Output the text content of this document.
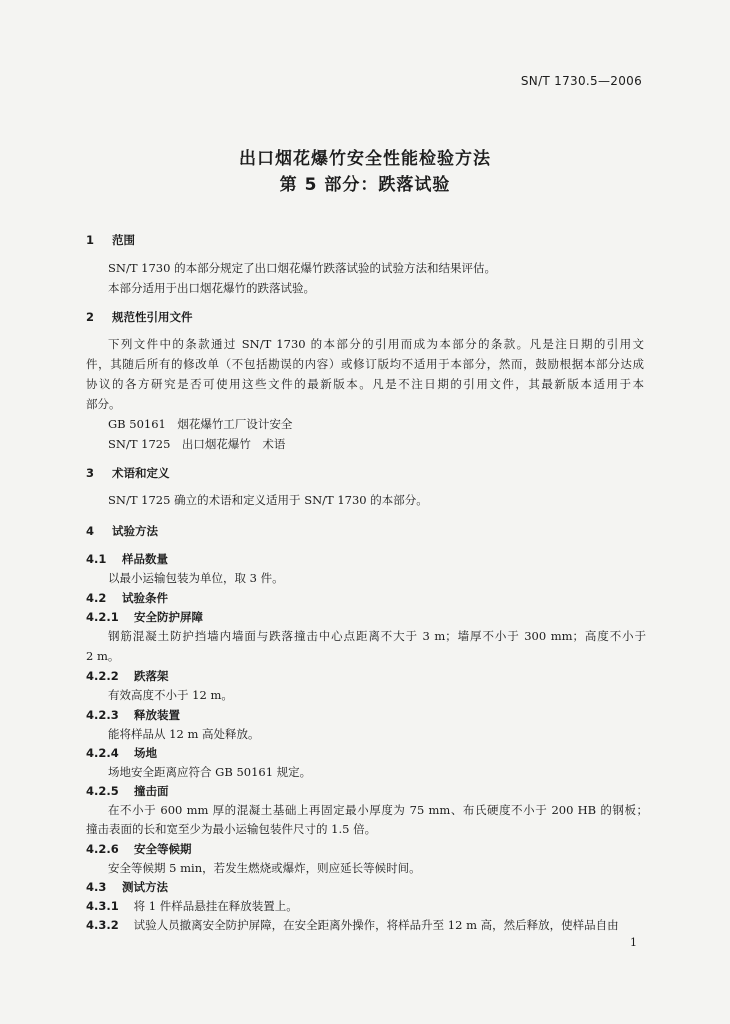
SN/T 1730.5—2006
出口烟花爆竹安全性能检验方法
第 5 部分：跌落试验
1 范围
SN/T 1730 的本部分规定了出口烟花爆竹跌落试验的试验方法和结果评估。
本部分适用于出口烟花爆竹的跌落试验。
2 规范性引用文件
下列文件中的条款通过 SN/T 1730 的本部分的引用而成为本部分的条款。凡是注日期的引用文
件，其随后所有的修改单（不包括勘误的内容）或修订版均不适用于本部分，然而，鼓励根据本部分达成
协议的各方研究是否可使用这些文件的最新版本。凡是不注日期的引用文件，其最新版本适用于本
部分。
GB 50161　烟花爆竹工厂设计安全
SN/T 1725　出口烟花爆竹　术语
3 术语和定义
SN/T 1725 确立的术语和定义适用于 SN/T 1730 的本部分。
4 试验方法
4.1 样品数量
以最小运输包装为单位，取 3 件。
4.2 试验条件
4.2.1 安全防护屏障
钢筋混凝土防护挡墙内墙面与跌落撞击中心点距离不大于 3 m；墙厚不小于 300 mm；高度不小于
2 m。
4.2.2 跌落架
有效高度不小于 12 m。
4.2.3 释放装置
能将样品从 12 m 高处释放。
4.2.4 场地
场地安全距离应符合 GB 50161 规定。
4.2.5 撞击面
在不小于 600 mm 厚的混凝土基础上再固定最小厚度为 75 mm、布氏硬度不小于 200 HB 的钢板；
撞击表面的长和宽至少为最小运输包装件尺寸的 1.5 倍。
4.2.6 安全等候期
安全等候期 5 min，若发生燃烧或爆炸，则应延长等候时间。
4.3 测试方法
4.3.1 将 1 件样品悬挂在释放装置上。
4.3.2 试验人员撤离安全防护屏障，在安全距离外操作，将样品升至 12 m 高，然后释放，使样品自由
1
